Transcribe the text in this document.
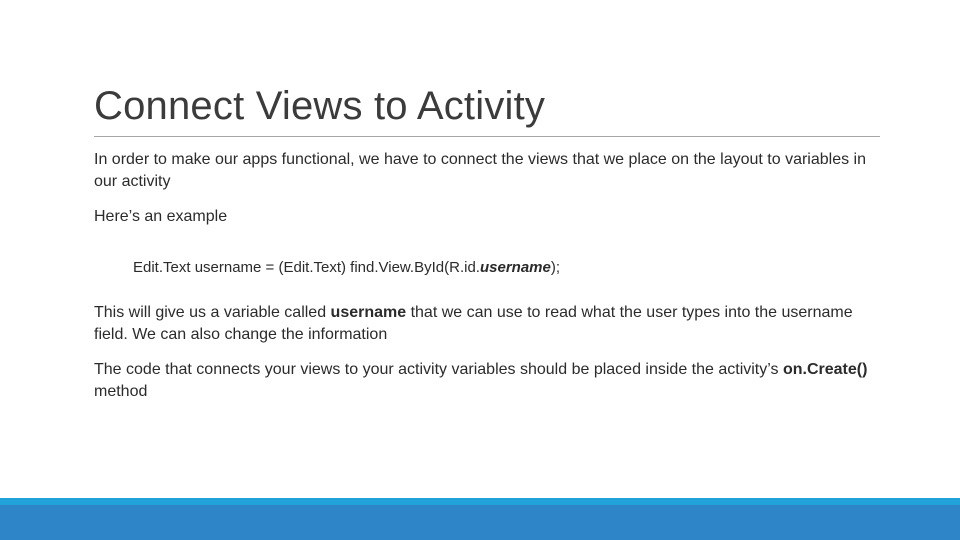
Connect Views to Activity

In order to make our apps functional, we have to connect the views that we place on the layout to variables in our activity

Here’s an example

Edit.Text username = (Edit.Text) find.View.ById(R.id.username);

This will give us a variable called username that we can use to read what the user types into the username field. We can also change the information

The code that connects your views to your activity variables should be placed inside the activity’s on.Create() method
